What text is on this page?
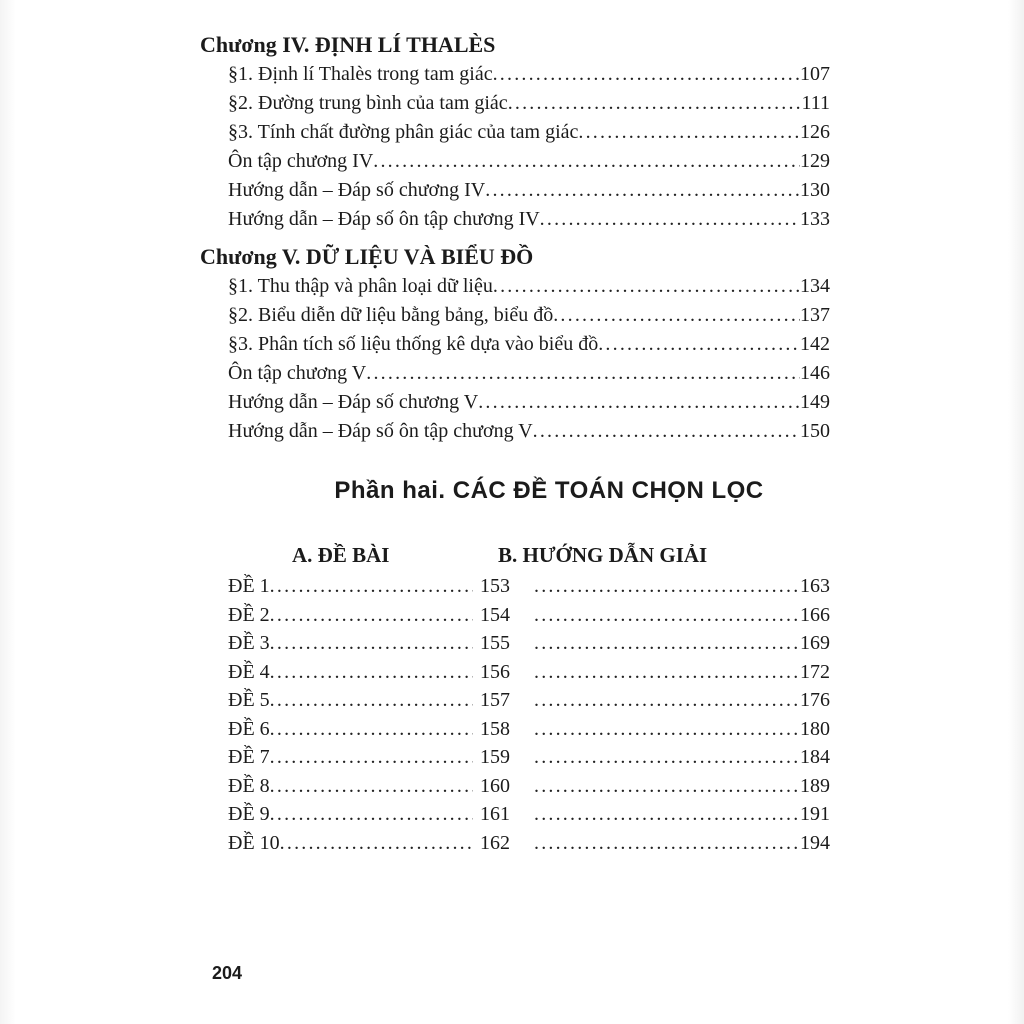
Chương IV. ĐỊNH LÍ THALÈS
§1. Định lí Thalès trong tam giác .....	107
§2. Đường trung bình của tam giác .....	111
§3. Tính chất đường phân giác của tam giác .....	126
Ôn tập chương IV .....	129
Hướng dẫn – Đáp số chương IV .....	130
Hướng dẫn – Đáp số ôn tập chương IV .....	133
Chương V. DỮ LIỆU VÀ BIỂU ĐỒ
§1. Thu thập và phân loại dữ liệu .....	134
§2. Biểu diễn dữ liệu bằng bảng, biểu đồ .....	137
§3. Phân tích số liệu thống kê dựa vào biểu đồ .....	142
Ôn tập chương V .....	146
Hướng dẫn – Đáp số chương V .....	149
Hướng dẫn – Đáp số ôn tập chương V .....	150
Phần hai. CÁC ĐỀ TOÁN CHỌN LỌC
A. ĐỀ BÀI	B. HƯỚNG DẪN GIẢI
ĐỀ 1 .....	153 .....	163
ĐỀ 2 .....	154 .....	166
ĐỀ 3 .....	155 .....	169
ĐỀ 4 .....	156 .....	172
ĐỀ 5 .....	157 .....	176
ĐỀ 6 .....	158 .....	180
ĐỀ 7 .....	159 .....	184
ĐỀ 8 .....	160 .....	189
ĐỀ 9 .....	161 .....	191
ĐỀ 10 .....	162 .....	194
204
